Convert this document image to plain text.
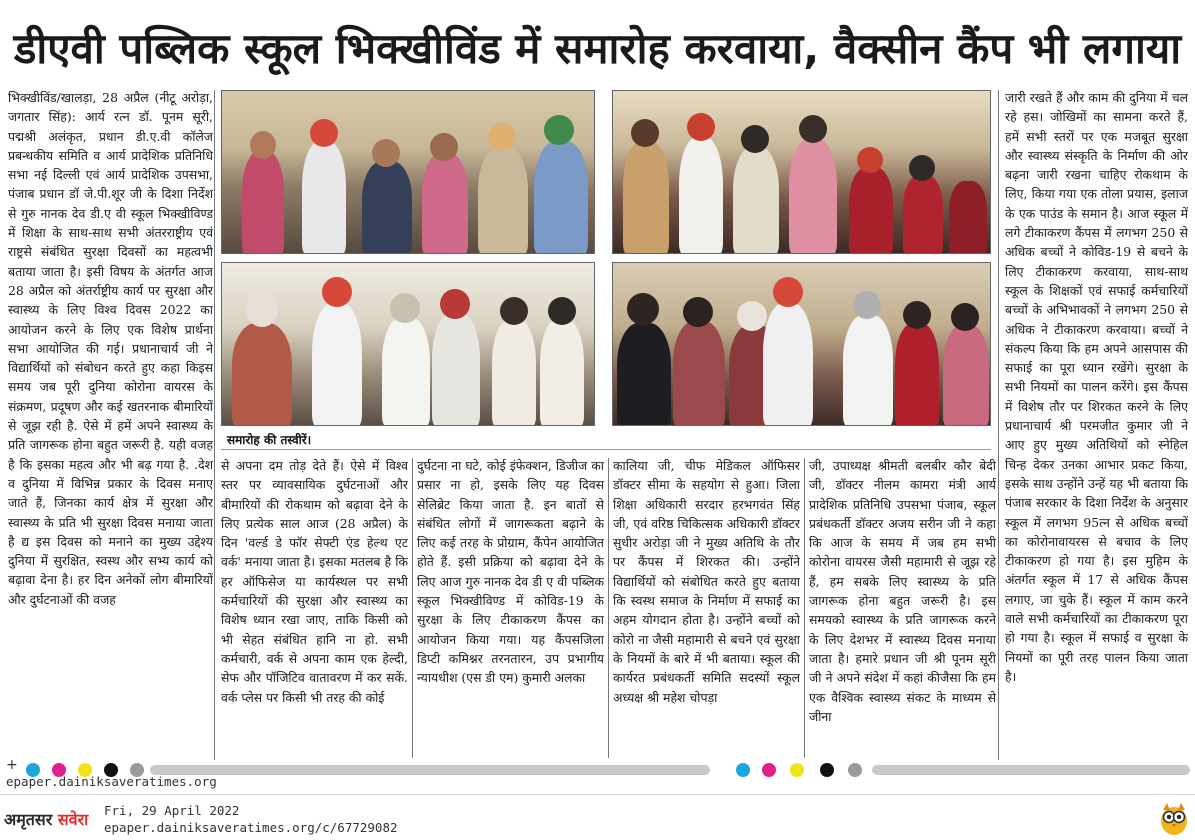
डीएवी पब्लिक स्कूल भिक्खीविंड में समारोह करवाया, वैक्सीन कैंप भी लगाया

भिक्खीविंड/खालड़ा, 28 अप्रैल (नीटू अरोड़ा, जगतार सिंह): आर्य रत्न डॉ. पूनम सूरी, पद्मश्री अलंकृत, प्रधान डी.ए.वी कॉलेज प्रबन्धकीय समिति व आर्य प्रादेशिक प्रतिनिधि सभा नई दिल्ली एवं आर्य प्रादेशिक उपसभा, पंजाब प्रधान डॉ जे.पी.शूर जी के दिशा निर्देश से गुरु नानक देव डी.ए वी स्कूल भिक्खीविण्ड में शिक्षा के साथ-साथ सभी अंतरराष्ट्रीय एवं राष्ट्रसे संबंधित सुरक्षा दिवसों का महत्वभी बताया जाता है। इसी विषय के अंतर्गत आज 28 अप्रैल को अंतर्राष्ट्रीय कार्य पर सुरक्षा और स्वास्थ्य के लिए विश्व दिवस 2022 का आयोजन करने के लिए एक विशेष प्रार्थना सभा आयोजित की गई। प्रधानाचार्य जी ने विद्यार्थियों को संबोधन करते हुए कहा किइस समय जब पूरी दुनिया कोरोना वायरस के संक्रमण, प्रदूषण और कई खतरनाक बीमारियों से जूझ रही है. ऐसे में हमें अपने स्वास्थ्य के प्रति जागरूक होना बहुत जरूरी है. यही वजह है कि इसका महत्व और भी बढ़ गया है. .देश व दुनिया में विभिन्न प्रकार के दिवस मनाए जाते हैं, जिनका कार्य क्षेत्र में सुरक्षा और स्वास्थ्य के प्रति भी सुरक्षा दिवस मनाया जाता है द्य इस दिवस को मनाने का मुख्य उद्देश्य दुनिया में सुरक्षित, स्वस्थ और सभ्य कार्य को बढ़ावा देना है। हर दिन अनेकों लोग बीमारियों और दुर्घटनाओं की वजह

समारोह की तस्वीरें।

से अपना दम तोड़ देते हैं। ऐसे में विश्व स्तर पर व्यावसायिक दुर्घटनाओं और बीमारियों की रोकथाम को बढ़ावा देने के लिए प्रत्येक साल आज (28 अप्रैल) के दिन 'वर्ल्ड डे फॉर सेफ्टी एंड हेल्थ एट वर्क' मनाया जाता है। इसका मतलब है कि हर ऑफिसेज या कार्यस्थल पर सभी कर्मचारियों की सुरक्षा और स्वास्थ्य का विशेष ध्यान रखा जाए, ताकि किसी को भी सेहत संबंधित हानि ना हो. सभी कर्मचारी, वर्क से अपना काम एक हेल्दी, सेफ और पॉजिटिव वातावरण में कर सकें. वर्क प्लेस पर किसी भी तरह की कोई

दुर्घटना ना घटे, कोई इंफेक्शन, डिजीज का प्रसार ना हो, इसके लिए यह दिवस सेलिब्रेट किया जाता है. इन बातों से संबंधित लोगों में जागरूकता बढ़ाने के लिए कई तरह के प्रोग्राम, कैंपेन आयोजित होते हैं. इसी प्रक्रिया को बढ़ावा देने के लिए आज गुरु नानक देव डी ए वी पब्लिक स्कूल भिक्खीविण्ड में कोविड-19 के सुरक्षा के लिए टीकाकरण कैंपस का आयोजन किया गया। यह कैंपसजिला डिप्टी कमिश्नर तरनतारन, उप प्रभागीय न्यायधीश (एस डी एम) कुमारी अलका

कालिया जी, चीफ मेडिकल ऑफिसर डॉक्टर सीमा के सहयोग से हुआ। जिला शिक्षा अधिकारी सरदार हरभगवंत सिंह जी, एवं वरिष्ठ चिकित्सक अधिकारी डॉक्टर सुधीर अरोड़ा जी ने मुख्य अतिथि के तौर पर कैंपस में शिरकत की। उन्होंने विद्यार्थियों को संबोधित करते हुए बताया कि स्वस्थ समाज के निर्माण में सफाई का अहम योगदान होता है। उन्होंने बच्चों को कोरो ना जैसी महामारी से बचने एवं सुरक्षा के नियमों के बारे में भी बताया। स्कूल की कार्यरत प्रबंधकर्ती समिति सदस्यों स्कूल अध्यक्ष श्री महेश चोपड़ा

जी, उपाध्यक्ष श्रीमती बलबीर कौर बेदी जी, डॉक्टर नीलम कामरा मंत्री आर्य प्रादेशिक प्रतिनिधि उपसभा पंजाब, स्कूल प्रबंधकर्ती डॉक्टर अजय सरीन जी ने कहा कि आज के समय में जब हम सभी कोरोना वायरस जैसी महामारी से जूझ रहे हैं, हम सबके लिए स्वास्थ्य के प्रति जागरूक होना बहुत जरूरी है। इस समयको स्वास्थ्य के प्रति जागरूक करने के लिए देशभर में स्वास्थ्य दिवस मनाया जाता है। हमारे प्रधान जी श्री पूनम सूरी जी ने अपने संदेश में कहां कीजैसा कि हम एक वैश्विक स्वास्थ्य संकट के माध्यम से जीना

जारी रखते हैं और काम की दुनिया में चल रहे हस। जोखिमों का सामना करते हैं, हमें सभी स्तरों पर एक मजबूत सुरक्षा और स्वास्थ्य संस्कृति के निर्माण की ओर बढ़ना जारी रखना चाहिए रोकथाम के लिए, किया गया एक तोला प्रयास, इलाज के एक पाउंड के समान है। आज स्कूल में लगे टीकाकरण कैंपस में लगभग 250 से अधिक बच्चों ने कोविड-19 से बचने के लिए टीकाकरण करवाया, साथ-साथ स्कूल के शिक्षकों एवं सफाई कर्मचारियों बच्चों के अभिभावकों ने लगभग 250 से अधिक ने टीकाकरण करवाया। बच्चों ने संकल्प किया कि हम अपने आसपास की सफाई का पूरा ध्यान रखेंगे। सुरक्षा के सभी नियमों का पालन करेंगे। इस कैंपस में विशेष तौर पर शिरकत करने के लिए प्रधानाचार्य श्री परमजीत कुमार जी ने आए हुए मुख्य अतिथियों को स्नेहिल चिन्ह देकर उनका आभार प्रकट किया, इसके साथ उन्होंने उन्हें यह भी बताया कि पंजाब सरकार के दिशा निर्देश के अनुसार स्कूल में लगभग 95त्न से अधिक बच्चों का कोरोनावायरस से बचाव के लिए टीकाकरण हो गया है। इस मुहिम के अंतर्गत स्कूल में 17 से अधिक कैंपस लगाए, जा चुके हैं। स्कूल में काम करने वाले सभी कर्मचारियों का टीकाकरण पूरा हो गया है। स्कूल में सफाई व सुरक्षा के नियमों का पूरी तरह पालन किया जाता है।

+
epaper.dainiksaveratimes.org
अमृतसर सवेरा Fri, 29 April 2022
epaper.dainiksaveratimes.org/c/67729082
